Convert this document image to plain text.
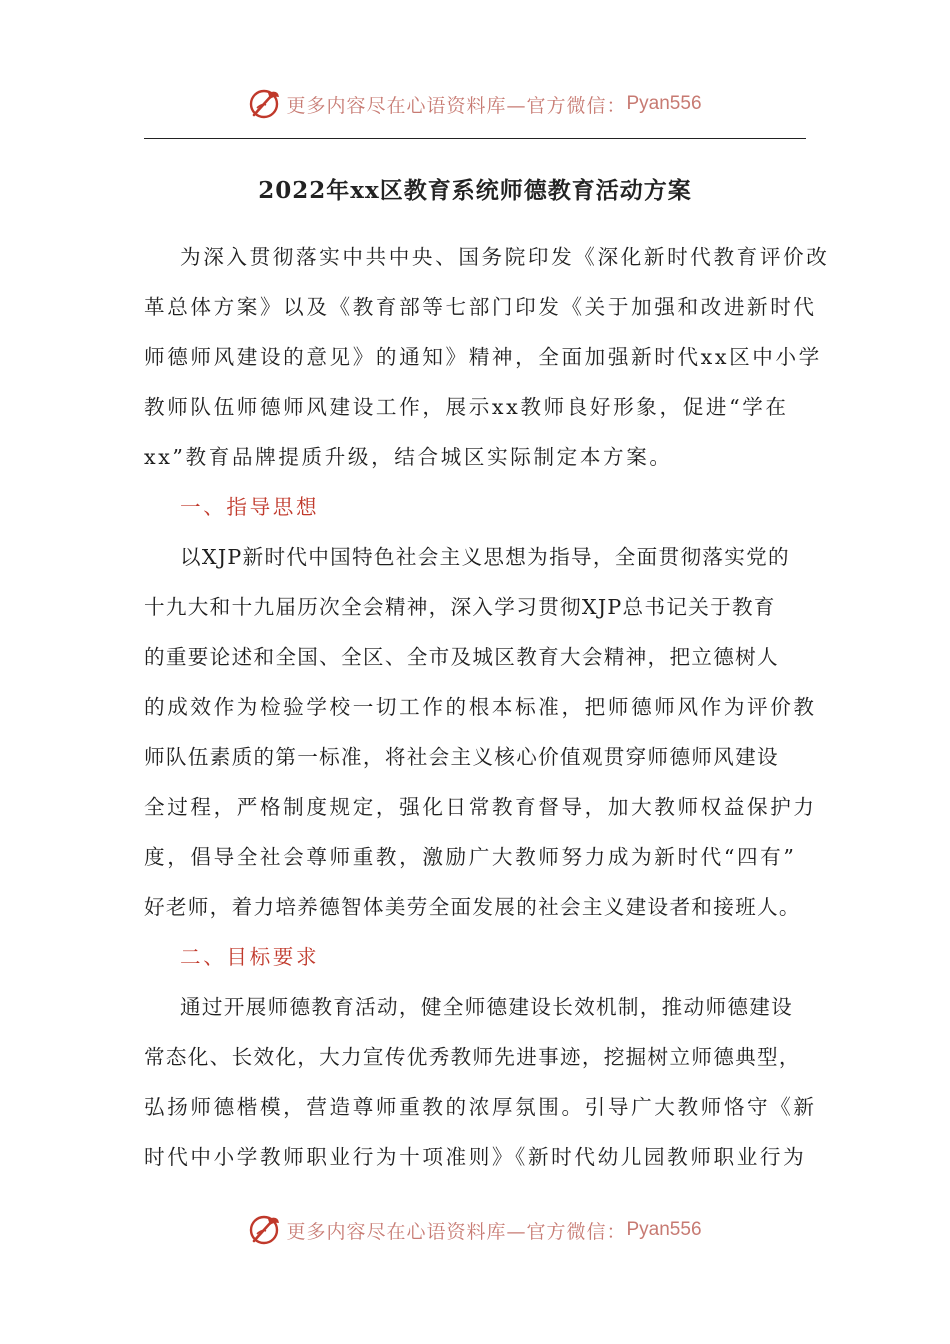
更多内容尽在心语资料库—官方微信： Pyan556
2022年xx区教育系统师德教育活动方案
为深入贯彻落实中共中央、国务院印发《深化新时代教育评价改
革总体方案》以及《教育部等七部门印发《关于加强和改进新时代
师德师风建设的意见》的通知》精神，全面加强新时代xx区中小学
教师队伍师德师风建设工作，展示xx教师良好形象，促进“学在
xx”教育品牌提质升级，结合城区实际制定本方案。
一、指导思想
以XJP新时代中国特色社会主义思想为指导，全面贯彻落实党的
十九大和十九届历次全会精神，深入学习贯彻XJP总书记关于教育
的重要论述和全国、全区、全市及城区教育大会精神，把立德树人
的成效作为检验学校一切工作的根本标准，把师德师风作为评价教
师队伍素质的第一标准，将社会主义核心价值观贯穿师德师风建设
全过程，严格制度规定，强化日常教育督导，加大教师权益保护力
度，倡导全社会尊师重教，激励广大教师努力成为新时代“四有”
好老师，着力培养德智体美劳全面发展的社会主义建设者和接班人。
二、目标要求
通过开展师德教育活动，健全师德建设长效机制，推动师德建设
常态化、长效化，大力宣传优秀教师先进事迹，挖掘树立师德典型，
弘扬师德楷模，营造尊师重教的浓厚氛围。引导广大教师恪守《新
时代中小学教师职业行为十项准则》《新时代幼儿园教师职业行为
更多内容尽在心语资料库—官方微信： Pyan556
